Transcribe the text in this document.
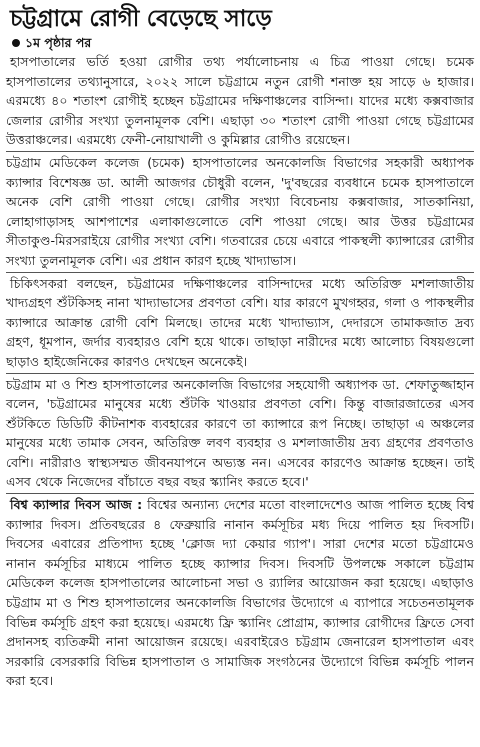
চট্টগ্রামে রোগী বেড়েছে সাড়ে
১ম পৃষ্ঠার পর

হাসপাতালের ভর্তি হওয়া রোগীর তথ্য পর্যালোচনায় এ চিত্র পাওয়া গেছে। চমেক হাসপাতালের তথ্যানুসারে, ২০২২ সালে চট্টগ্রামে নতুন রোগী শনাক্ত হয় সাড়ে ৬ হাজার। এরমধ্যে ৪০ শতাংশ রোগীই হচ্ছেন চট্টগ্রামের দক্ষিণাঞ্চলের বাসিন্দা। যাদের মধ্যে কক্সবাজার জেলার রোগীর সংখ্যা তুলনামূলক বেশি। এছাড়া ৩০ শতাংশ রোগী পাওয়া গেছে চট্টগ্রামের উত্তরাঞ্চলের। এরমধ্যে ফেনী-নোয়াখালী ও কুমিল্লার রোগীও রয়েছেন।

চট্টগ্রাম মেডিকেল কলেজ (চমেক) হাসপাতালের অনকোলজি বিভাগের সহকারী অধ্যাপক ক্যান্সার বিশেষজ্ঞ ডা. আলী আজগর চৌধুরী বলেন, 'দু'বছরের ব্যবধানে চমেক হাসপাতালে অনেক বেশি রোগী পাওয়া গেছে। রোগীর সংখ্যা বিবেচনায় কক্সবাজার, সাতকানিয়া, লোহাগাড়াসহ আশপাশের এলাকাগুলোতে বেশি পাওয়া গেছে। আর উত্তর চট্টগ্রামের সীতাকুণ্ড-মিরসরাইয়ে রোগীর সংখ্যা বেশি। গতবারের চেয়ে এবারে পাকস্থলী ক্যান্সারের রোগীর সংখ্যা তুলনামূলক বেশি। এর প্রধান কারণ হচ্ছে খাদ্যাভাস।

চিকিৎসকরা বলছেন, চট্টগ্রামের দক্ষিণাঞ্চলের বাসিন্দাদের মধ্যে অতিরিক্ত মশলাজাতীয় খাদ্যগ্রহণ শুঁটকিসহ নানা খাদ্যাভাসের প্রবণতা বেশি। যার কারণে মুখগহ্বর, গলা ও পাকস্থলীর ক্যান্সারে আক্রান্ত রোগী বেশি মিলছে। তাদের মধ্যে খাদ্যাভ্যাস, দেদারসে তামাকজাত দ্রব্য গ্রহণ, ধূমপান, জর্দার ব্যবহারও বেশি হয়ে থাকে। তাছাড়া নারীদের মধ্যে আলোচ্য বিষয়গুলো ছাড়াও হাইজেনিকের কারণও দেখছেন অনেকেই।

চট্টগ্রাম মা ও শিশু হাসপাতালের অনকোলজি বিভাগের সহযোগী অধ্যাপক ডা. শেফাতুজ্জাহান বলেন, 'চট্টগ্রামের মানুষের মধ্যে শুঁটকি খাওয়ার প্রবণতা বেশি। কিন্তু বাজারজাতের এসব শুঁটকিতে ডিডিটি কীটনাশক ব্যবহারের কারণে তা ক্যান্সারে রূপ নিচ্ছে। তাছাড়া এ অঞ্চলের মানুষের মধ্যে তামাক সেবন, অতিরিক্ত লবণ ব্যবহার ও মশলাজাতীয় দ্রব্য গ্রহণের প্রবণতাও বেশি। নারীরাও স্বাস্থ্যসম্মত জীবনযাপনে অভ্যস্ত নন। এসবের কারণেও আক্রান্ত হচ্ছেন। তাই এসব থেকে নিজেদের বাঁচাতে বছর বছর স্ক্যানিং করতে হবে।'

বিশ্ব ক্যান্সার দিবস আজ : বিশ্বের অন্যান্য দেশের মতো বাংলাদেশেও আজ পালিত হচ্ছে বিশ্ব ক্যান্সার দিবস। প্রতিবছরের ৪ ফেব্রুয়ারি নানান কর্মসূচির মধ্য দিয়ে পালিত হয় দিবসটি। দিবসের এবারের প্রতিপাদ্য হচ্ছে 'ক্লোজ দ্যা কেয়ার গ্যাপ'। সারা দেশের মতো চট্টগ্রামেও নানান কর্মসূচির মাধ্যমে পালিত হচ্ছে ক্যান্সার দিবস। দিবসটি উপলক্ষে সকালে চট্টগ্রাম মেডিকেল কলেজ হাসপাতালের আলোচনা সভা ও র‍্যালির আয়োজন করা হয়েছে। এছাড়াও চট্টগ্রাম মা ও শিশু হাসপাতালের অনকোলজি বিভাগের উদ্যোগে এ ব্যাপারে সচেতনতামূলক বিভিন্ন কর্মসূচি গ্রহণ করা হয়েছে। এরমধ্যে ফ্রি স্ক্যানিং প্রোগ্রাম, ক্যান্সার রোগীদের ফ্রিতে সেবা প্রদানসহ ব্যতিক্রমী নানা আয়োজন রয়েছে। এরবাইরেও চট্টগ্রাম জেনারেল হাসপাতাল এবং সরকারি বেসরকারি বিভিন্ন হাসপাতাল ও সামাজিক সংগঠনের উদ্যোগে বিভিন্ন কর্মসূচি পালন করা হবে।
